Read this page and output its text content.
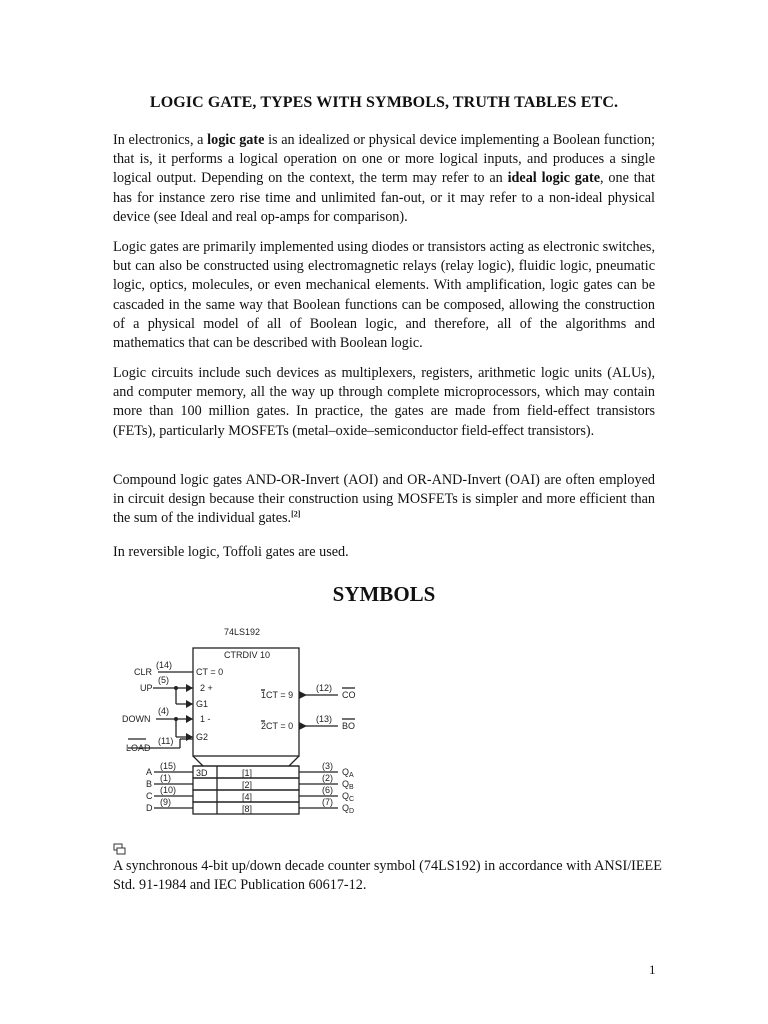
LOGIC GATE, TYPES WITH SYMBOLS, TRUTH TABLES ETC.

In electronics, a logic gate is an idealized or physical device implementing a Boolean function; that is, it performs a logical operation on one or more logical inputs, and produces a single logical output. Depending on the context, the term may refer to an ideal logic gate, one that has for instance zero rise time and unlimited fan-out, or it may refer to a non-ideal physical device (see Ideal and real op-amps for comparison).

Logic gates are primarily implemented using diodes or transistors acting as electronic switches, but can also be constructed using electromagnetic relays (relay logic), fluidic logic, pneumatic logic, optics, molecules, or even mechanical elements. With amplification, logic gates can be cascaded in the same way that Boolean functions can be composed, allowing the construction of a physical model of all of Boolean logic, and therefore, all of the algorithms and mathematics that can be described with Boolean logic.

Logic circuits include such devices as multiplexers, registers, arithmetic logic units (ALUs), and computer memory, all the way up through complete microprocessors, which may contain more than 100 million gates. In practice, the gates are made from field-effect transistors (FETs), particularly MOSFETs (metal–oxide–semiconductor field-effect transistors).

Compound logic gates AND-OR-Invert (AOI) and OR-AND-Invert (OAI) are often employed in circuit design because their construction using MOSFETs is simpler and more efficient than the sum of the individual gates.[2]

In reversible logic, Toffoli gates are used.

SYMBOLS
74LS192
CTRDIV 10
CT = 0
2 +
G1
1 -
G2
1 CT = 9
2 CT = 0
3D	[1]
[2]
[4]
[8]
CLR
(14)
UP
(5)
DOWN
(4)
LOAD
(11)
A
(15)
B
(1)
C
(10)
D
(9)
(12)
CO
(13)
BO
(3)
$Q_A$
(2)
$Q_B$
(6)
$Q_C$
(7)
$Q_D$

A synchronous 4-bit up/down decade counter symbol (74LS192) in accordance with ANSI/IEEE Std. 91-1984 and IEC Publication 60617-12.

1
